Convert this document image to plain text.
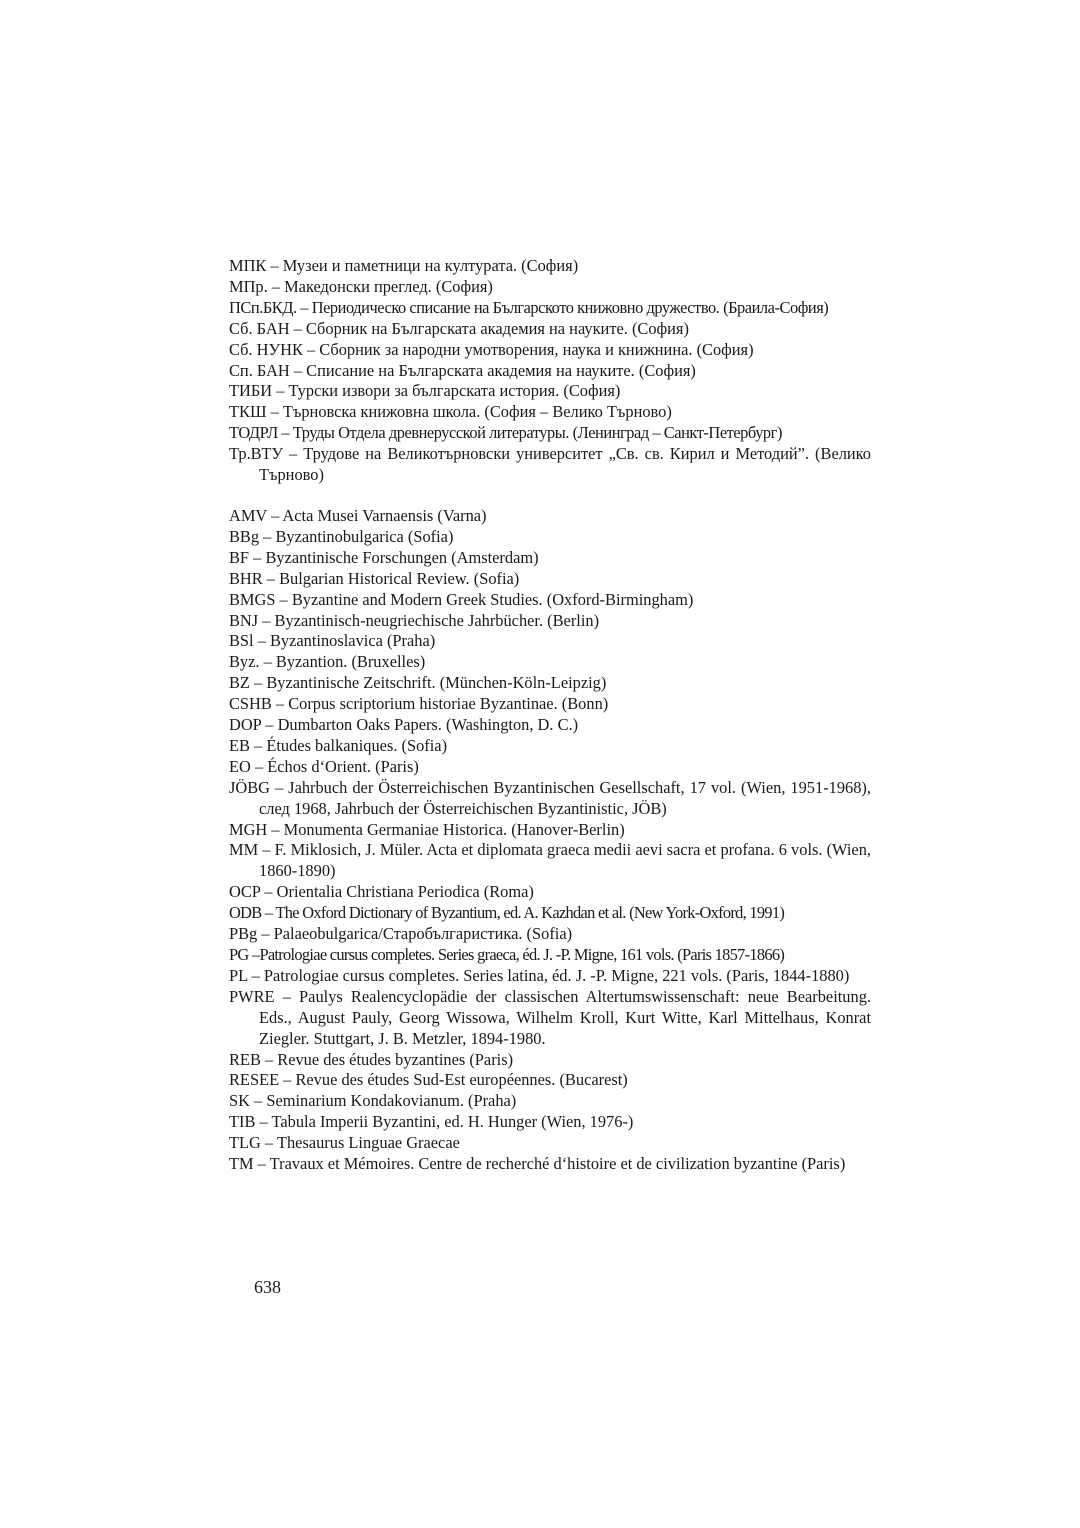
МПК – Музеи и паметници на културата. (София)

МПр. – Македонски преглед. (София)

ПСп.БКД. – Периодическо списание на Българското книжовно дружество. (Браила-София)

Сб. БАН – Сборник на Българската академия на науките. (София)

Сб. НУНК – Сборник за народни умотворения, наука и книжнина. (София)

Сп. БАН – Списание на Българската академия на науките. (София)

ТИБИ – Турски извори за българската история. (София)

ТКШ – Търновска книжовна школа. (София – Велико Търново)

ТОДРЛ – Труды Отдела древнерусской литературы. (Ленинград – Санкт-Петербург)

Тр.ВТУ – Трудове на Великотърновски университет „Св. св. Кирил и Методий”. (Велико Търново)

AMV – Acta Musei Varnaensis (Varna)

BBg – Byzantinobulgarica (Sofia)

BF – Byzantinische Forschungen (Amsterdam)

BHR – Bulgarian Historical Review. (Sofia)

BMGS – Byzantine and Modern Greek Studies. (Oxford-Birmingham)

BNJ – Byzantinisch-neugriechische Jahrbücher. (Berlin)

BSl – Byzantinoslavica (Praha)

Byz. – Byzantion. (Bruxelles)

BZ – Byzantinische Zeitschrift. (München-Köln-Leipzig)

CSHB – Corpus scriptorium historiae Byzantinae. (Bonn)

DOP – Dumbarton Oaks Papers. (Washington, D. C.)

EB – Études balkaniques. (Sofia)

EO – Échos d‘Orient. (Paris)

JÖBG – Jahrbuch der Österreichischen Byzantinischen Gesellschaft, 17 vol. (Wien, 1951-1968), след 1968, Jahrbuch der Österreichischen Byzantinistic, JÖB)

MGH – Monumenta Germaniae Historica. (Hanover-Berlin)

MM – F. Miklosich, J. Müler. Acta et diplomata graeca medii aevi sacra et profana. 6 vols. (Wien, 1860-1890)

OCP – Orientalia Christiana Periodica (Roma)

ODB – The Oxford Dictionary of Byzantium, ed. A. Kazhdan et al. (New York-Oxford, 1991)

PBg – Palaeobulgarica/Старобългаристика. (Sofia)

PG –Patrologiae cursus completes. Series graeca, éd. J. -P. Migne, 161 vols. (Paris 1857-1866)

PL – Patrologiae cursus completes. Series latina, éd. J. -P. Migne, 221 vols. (Paris, 1844-1880)

PWRE – Paulys Realencyclopädie der classischen Altertumswissenschaft: neue Bearbeitung. Eds., August Pauly, Georg Wissowa, Wilhelm Kroll, Kurt Witte, Karl Mittelhaus, Konrat Ziegler. Stuttgart, J. B. Metzler, 1894-1980.

REB – Revue des études byzantines (Paris)

RESEE – Revue des études Sud-Est européennes. (Bucarest)

SK – Seminarium Kondakovianum. (Praha)

TIB – Tabula Imperii Byzantini, ed. H. Hunger (Wien, 1976-)

TLG – Thesaurus Linguae Graecae

TM – Travaux et Mémoires. Centre de recherché d‘histoire et de civilization byzantine (Paris)

638
